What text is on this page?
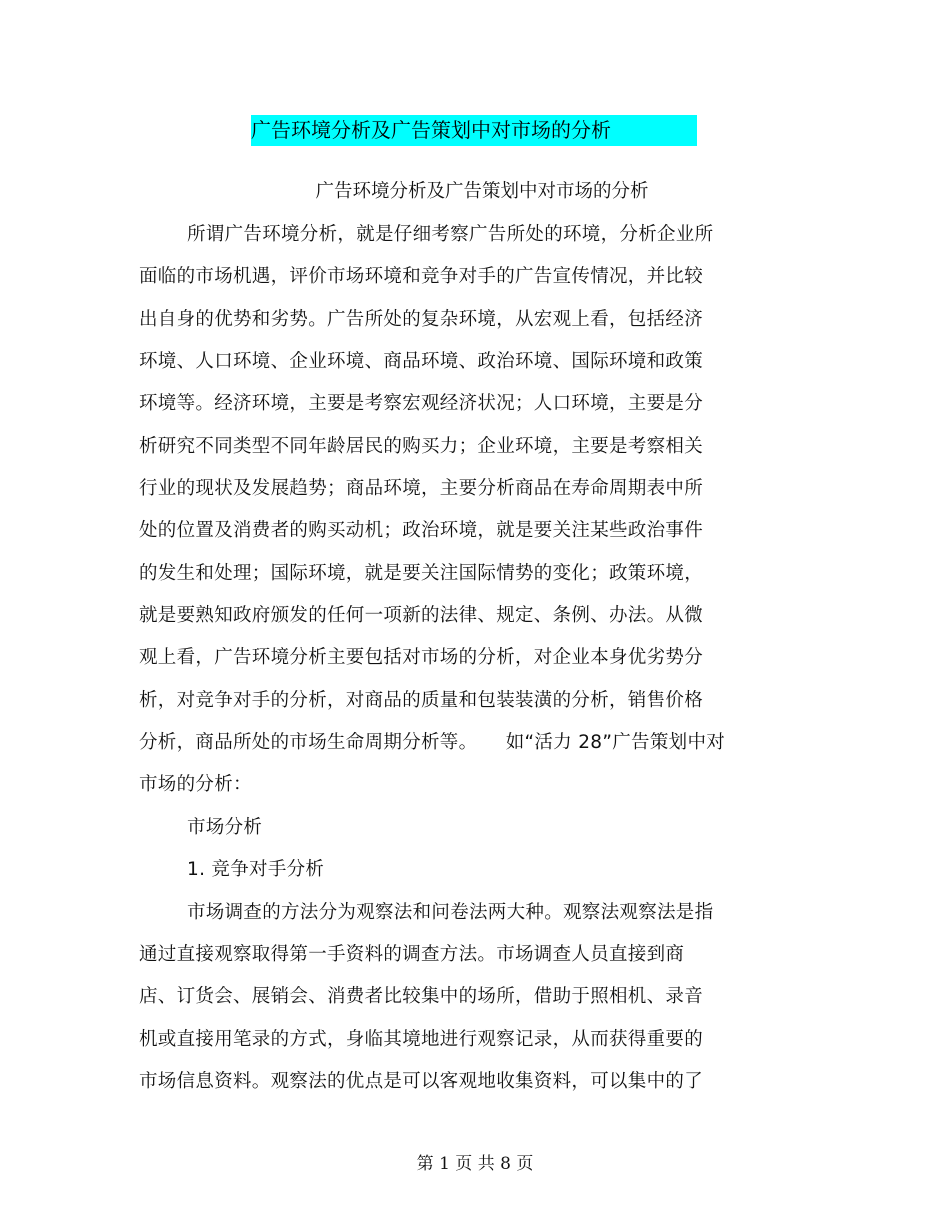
广告环境分析及广告策划中对市场的分析
广告环境分析及广告策划中对市场的分析
所谓广告环境分析，就是仔细考察广告所处的环境，分析企业所
面临的市场机遇，评价市场环境和竞争对手的广告宣传情况，并比较
出自身的优势和劣势。广告所处的复杂环境，从宏观上看，包括经济
环境、人口环境、企业环境、商品环境、政治环境、国际环境和政策
环境等。经济环境，主要是考察宏观经济状况；人口环境，主要是分
析研究不同类型不同年龄居民的购买力；企业环境，主要是考察相关
行业的现状及发展趋势；商品环境，主要分析商品在寿命周期表中所
处的位置及消费者的购买动机；政治环境，就是要关注某些政治事件
的发生和处理；国际环境，就是要关注国际情势的变化；政策环境，
就是要熟知政府颁发的任何一项新的法律、规定、条例、办法。从微
观上看，广告环境分析主要包括对市场的分析，对企业本身优劣势分
析，对竞争对手的分析，对商品的质量和包装装潢的分析，销售价格
分析，商品所处的市场生命周期分析等。　　如“活力 28”广告策划中对
市场的分析：
市场分析
1. 竞争对手分析
市场调查的方法分为观察法和问卷法两大种。观察法观察法是指
通过直接观察取得第一手资料的调查方法。市场调查人员直接到商
店、订货会、展销会、消费者比较集中的场所，借助于照相机、录音
机或直接用笔录的方式，身临其境地进行观察记录，从而获得重要的
市场信息资料。观察法的优点是可以客观地收集资料，可以集中的了
第 1 页 共 8 页
